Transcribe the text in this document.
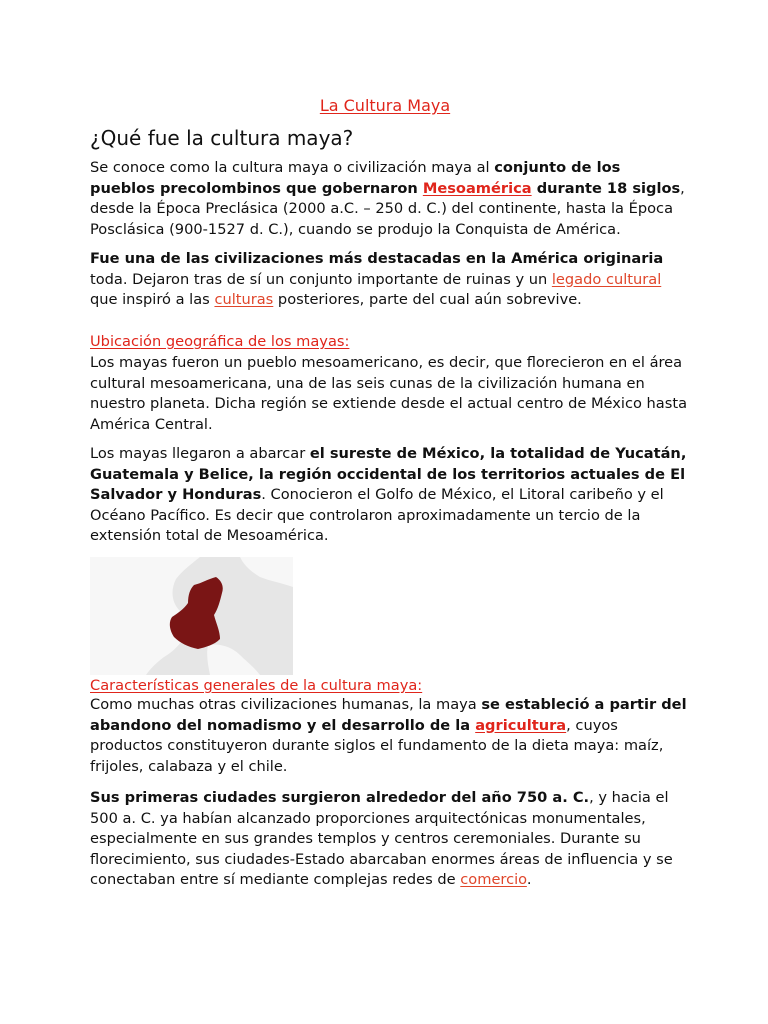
La Cultura Maya
¿Qué fue la cultura maya?

Se conoce como la cultura maya o civilización maya al conjunto de los pueblos precolombinos que gobernaron Mesoamérica durante 18 siglos, desde la Época Preclásica (2000 a.C. – 250 d. C.) del continente, hasta la Época Posclásica (900-1527 d. C.), cuando se produjo la Conquista de América.

Fue una de las civilizaciones más destacadas en la América originaria toda. Dejaron tras de sí un conjunto importante de ruinas y un legado cultural que inspiró a las culturas posteriores, parte del cual aún sobrevive.

Ubicación geográfica de los mayas:

Los mayas fueron un pueblo mesoamericano, es decir, que florecieron en el área cultural mesoamericana, una de las seis cunas de la civilización humana en nuestro planeta. Dicha región se extiende desde el actual centro de México hasta América Central.

Los mayas llegaron a abarcar el sureste de México, la totalidad de Yucatán, Guatemala y Belice, la región occidental de los territorios actuales de El Salvador y Honduras. Conocieron el Golfo de México, el Litoral caribeño y el Océano Pacífico. Es decir que controlaron aproximadamente un tercio de la extensión total de Mesoamérica.

Características generales de la cultura maya:

Como muchas otras civilizaciones humanas, la maya se estableció a partir del abandono del nomadismo y el desarrollo de la agricultura, cuyos productos constituyeron durante siglos el fundamento de la dieta maya: maíz, frijoles, calabaza y el chile.

Sus primeras ciudades surgieron alrededor del año 750 a. C., y hacia el 500 a. C. ya habían alcanzado proporciones arquitectónicas monumentales, especialmente en sus grandes templos y centros ceremoniales. Durante su florecimiento, sus ciudades-Estado abarcaban enormes áreas de influencia y se conectaban entre sí mediante complejas redes de comercio.
